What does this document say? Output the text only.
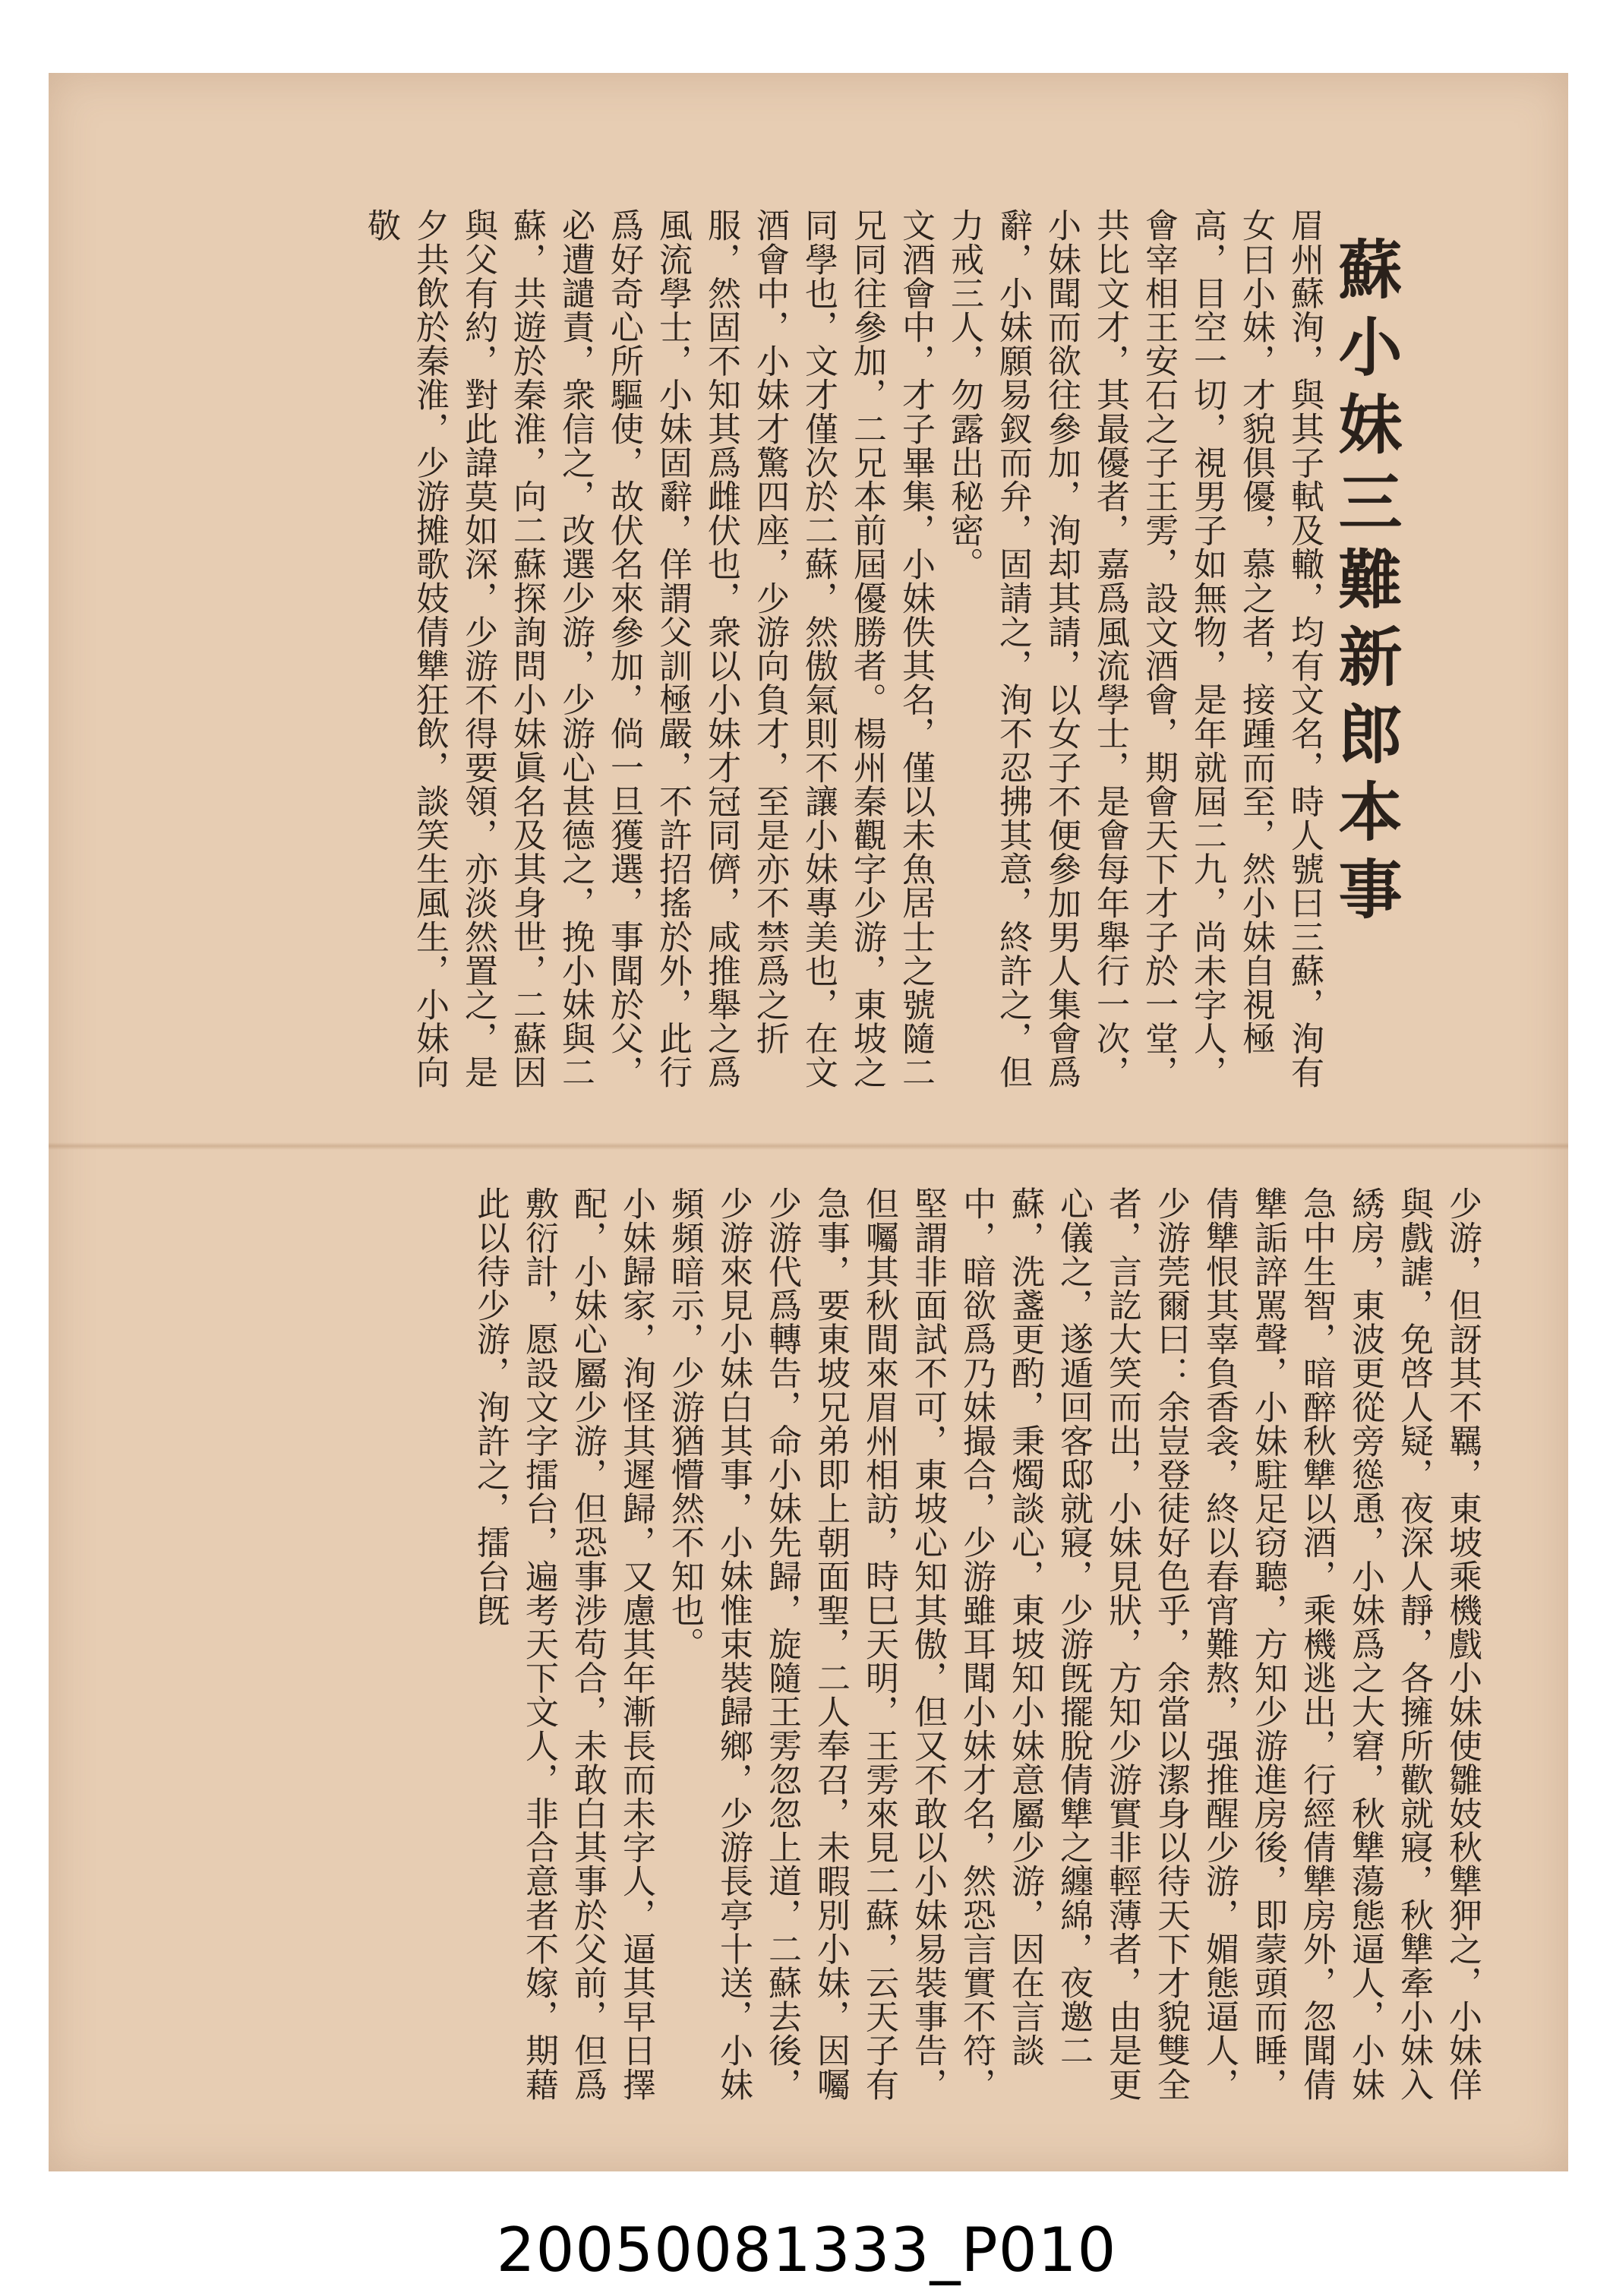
蘇小妹三難新郎本事
眉州蘇洵，與其子軾及轍，均有文名，時人號曰三蘇，洵有女曰小妹，才貌俱優，慕之者，接踵而至，然小妹自視極高，目空一切，視男子如無物，是年就屆二九，尚未字人，會宰相王安石之子王雱，設文酒會，期會天下才子於一堂，共比文才，其最優者，嘉爲風流學士，是會每年舉行一次，小妹聞而欲往參加，洵却其請，以女子不便參加男人集會爲辭，小妹願易釵而弁，固請之，洵不忍拂其意，終許之，但力戒三人，勿露出秘密。
文酒會中，才子畢集，小妹佚其名，僅以未魚居士之號隨二兄同往參加，二兄本前屆優勝者。楊州秦觀字少游，東坡之同學也，文才僅次於二蘇，然傲氣則不讓小妹專美也，在文酒會中，小妹才驚四座，少游向負才，至是亦不禁爲之折服，然固不知其爲雌伏也，衆以小妹才冠同儕，咸推舉之爲風流學士，小妹固辭，佯謂父訓極嚴，不許招搖於外，此行爲好奇心所驅使，故伏名來參加，倘一旦獲選，事聞於父，必遭譴責，衆信之，改選少游，少游心甚德之，挽小妹與二蘇，共遊於秦淮，向二蘇探詢問小妹眞名及其身世，二蘇因與父有約，對此諱莫如深，少游不得要領，亦淡然置之，是夕共飲於秦淮，少游摊歌妓倩犨狂飲，談笑生風生，小妹向敬
少游，但訝其不羈，東坡乘機戲小妹使雛妓秋犨狎之，小妹佯與戲謔，免啓人疑，夜深人靜，各擁所歡就寢，秋犨牽小妹入綉房，東波更從旁慫恿，小妹爲之大窘，秋犨蕩態逼人，小妹急中生智，暗醉秋犨以酒，乘機逃出，行經倩犨房外，忽聞倩犨詬誶駡聲，小妹駐足窃聽，方知少游進房後，即蒙頭而睡，倩犨恨其辜負香衾，終以春宵難熬，强推醒少游，媚態逼人，少游莞爾曰：余豈登徒好色乎，余當以潔身以待天下才貌雙全者，言訖大笑而出，小妹見狀，方知少游實非輕薄者，由是更心儀之，遂遁回客邸就寢，少游旣擺脫倩犨之纏綿，夜邀二蘇，洗盞更酌，秉燭談心，東坡知小妹意屬少游，因在言談中，暗欲爲乃妹撮合，少游雖耳聞小妹才名，然恐言實不符，堅謂非面試不可，東坡心知其傲，但又不敢以小妹易裝事告，但囑其秋間來眉州相訪，時巳天明，王雱來見二蘇，云天子有急事，要東坡兄弟即上朝面聖，二人奉召，未暇別小妹，因囑少游代爲轉告，命小妹先歸，旋隨王雱忽忽上道，二蘇去後，少游來見小妹白其事，小妹惟束裝歸鄉，少游長亭十送，小妹頻頻暗示，少游猶懵然不知也。
小妹歸家，洵怪其遲歸，又慮其年漸長而未字人，逼其早日擇配，小妹心屬少游，但恐事涉苟合，未敢白其事於父前，但爲敷衍計，愿設文字擂台，遍考天下文人，非合意者不嫁，期藉此以待少游，洵許之，擂台旣
20050081333_P010
